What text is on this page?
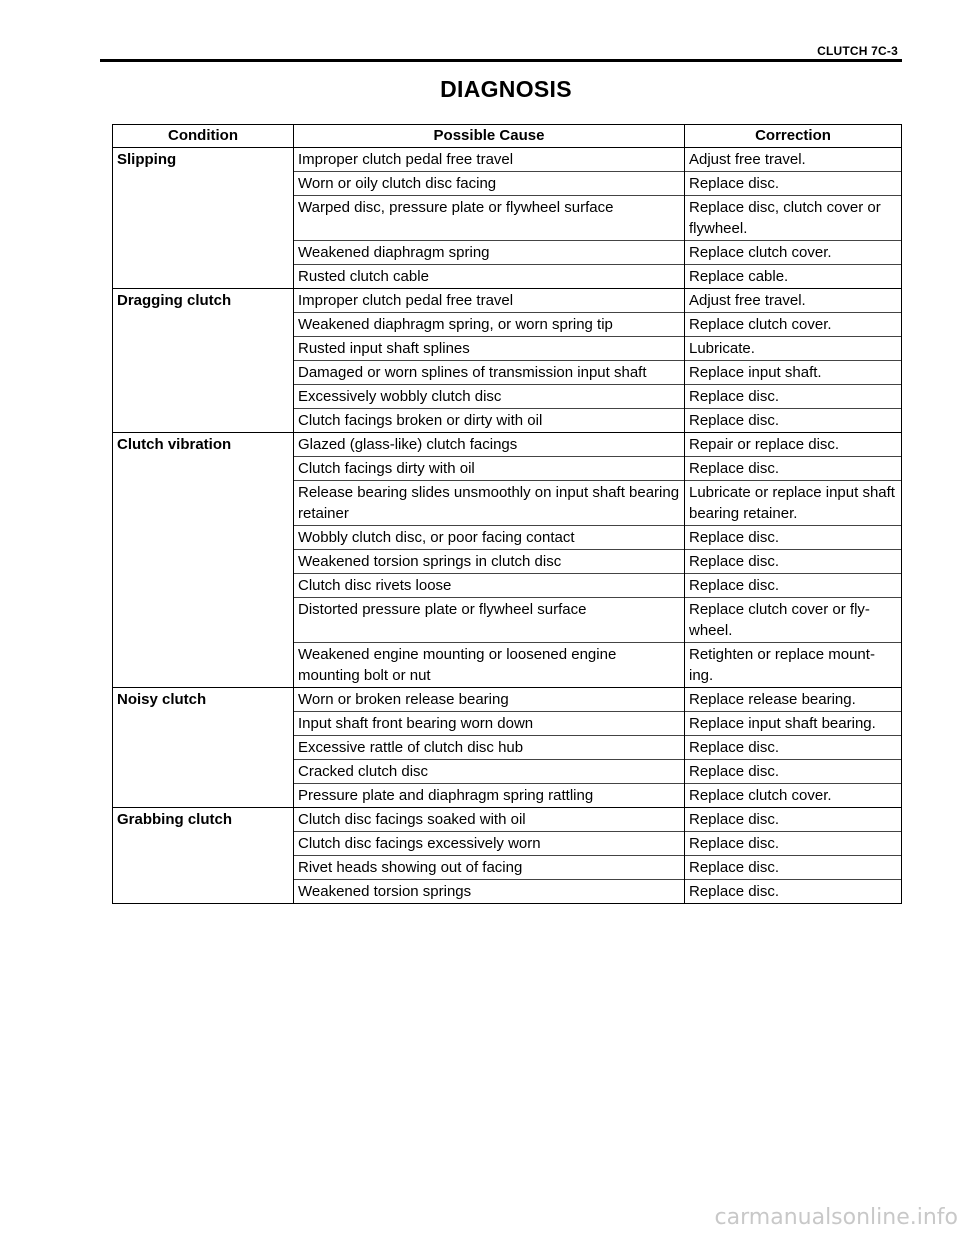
CLUTCH 7C-3
DIAGNOSIS
Condition	Possible Cause	Correction
Slipping	Improper clutch pedal free travel	Adjust free travel.
	Worn or oily clutch disc facing	Replace disc.
	Warped disc, pressure plate or flywheel surface	Replace disc, clutch cover or flywheel.
	Weakened diaphragm spring	Replace clutch cover.
	Rusted clutch cable	Replace cable.
Dragging clutch	Improper clutch pedal free travel	Adjust free travel.
	Weakened diaphragm spring, or worn spring tip	Replace clutch cover.
	Rusted input shaft splines	Lubricate.
	Damaged or worn splines of transmission input shaft	Replace input shaft.
	Excessively wobbly clutch disc	Replace disc.
	Clutch facings broken or dirty with oil	Replace disc.
Clutch vibration	Glazed (glass-like) clutch facings	Repair or replace disc.
	Clutch facings dirty with oil	Replace disc.
	Release bearing slides unsmoothly on input shaft bearing retainer	Lubricate or replace input shaft bearing retainer.
	Wobbly clutch disc, or poor facing contact	Replace disc.
	Weakened torsion springs in clutch disc	Replace disc.
	Clutch disc rivets loose	Replace disc.
	Distorted pressure plate or flywheel surface	Replace clutch cover or fly-wheel.
	Weakened engine mounting or loosened engine mounting bolt or nut	Retighten or replace mount-ing.
Noisy clutch	Worn or broken release bearing	Replace release bearing.
	Input shaft front bearing worn down	Replace input shaft bearing.
	Excessive rattle of clutch disc hub	Replace disc.
	Cracked clutch disc	Replace disc.
	Pressure plate and diaphragm spring rattling	Replace clutch cover.
Grabbing clutch	Clutch disc facings soaked with oil	Replace disc.
	Clutch disc facings excessively worn	Replace disc.
	Rivet heads showing out of facing	Replace disc.
	Weakened torsion springs	Replace disc.
carmanualsonline.info
